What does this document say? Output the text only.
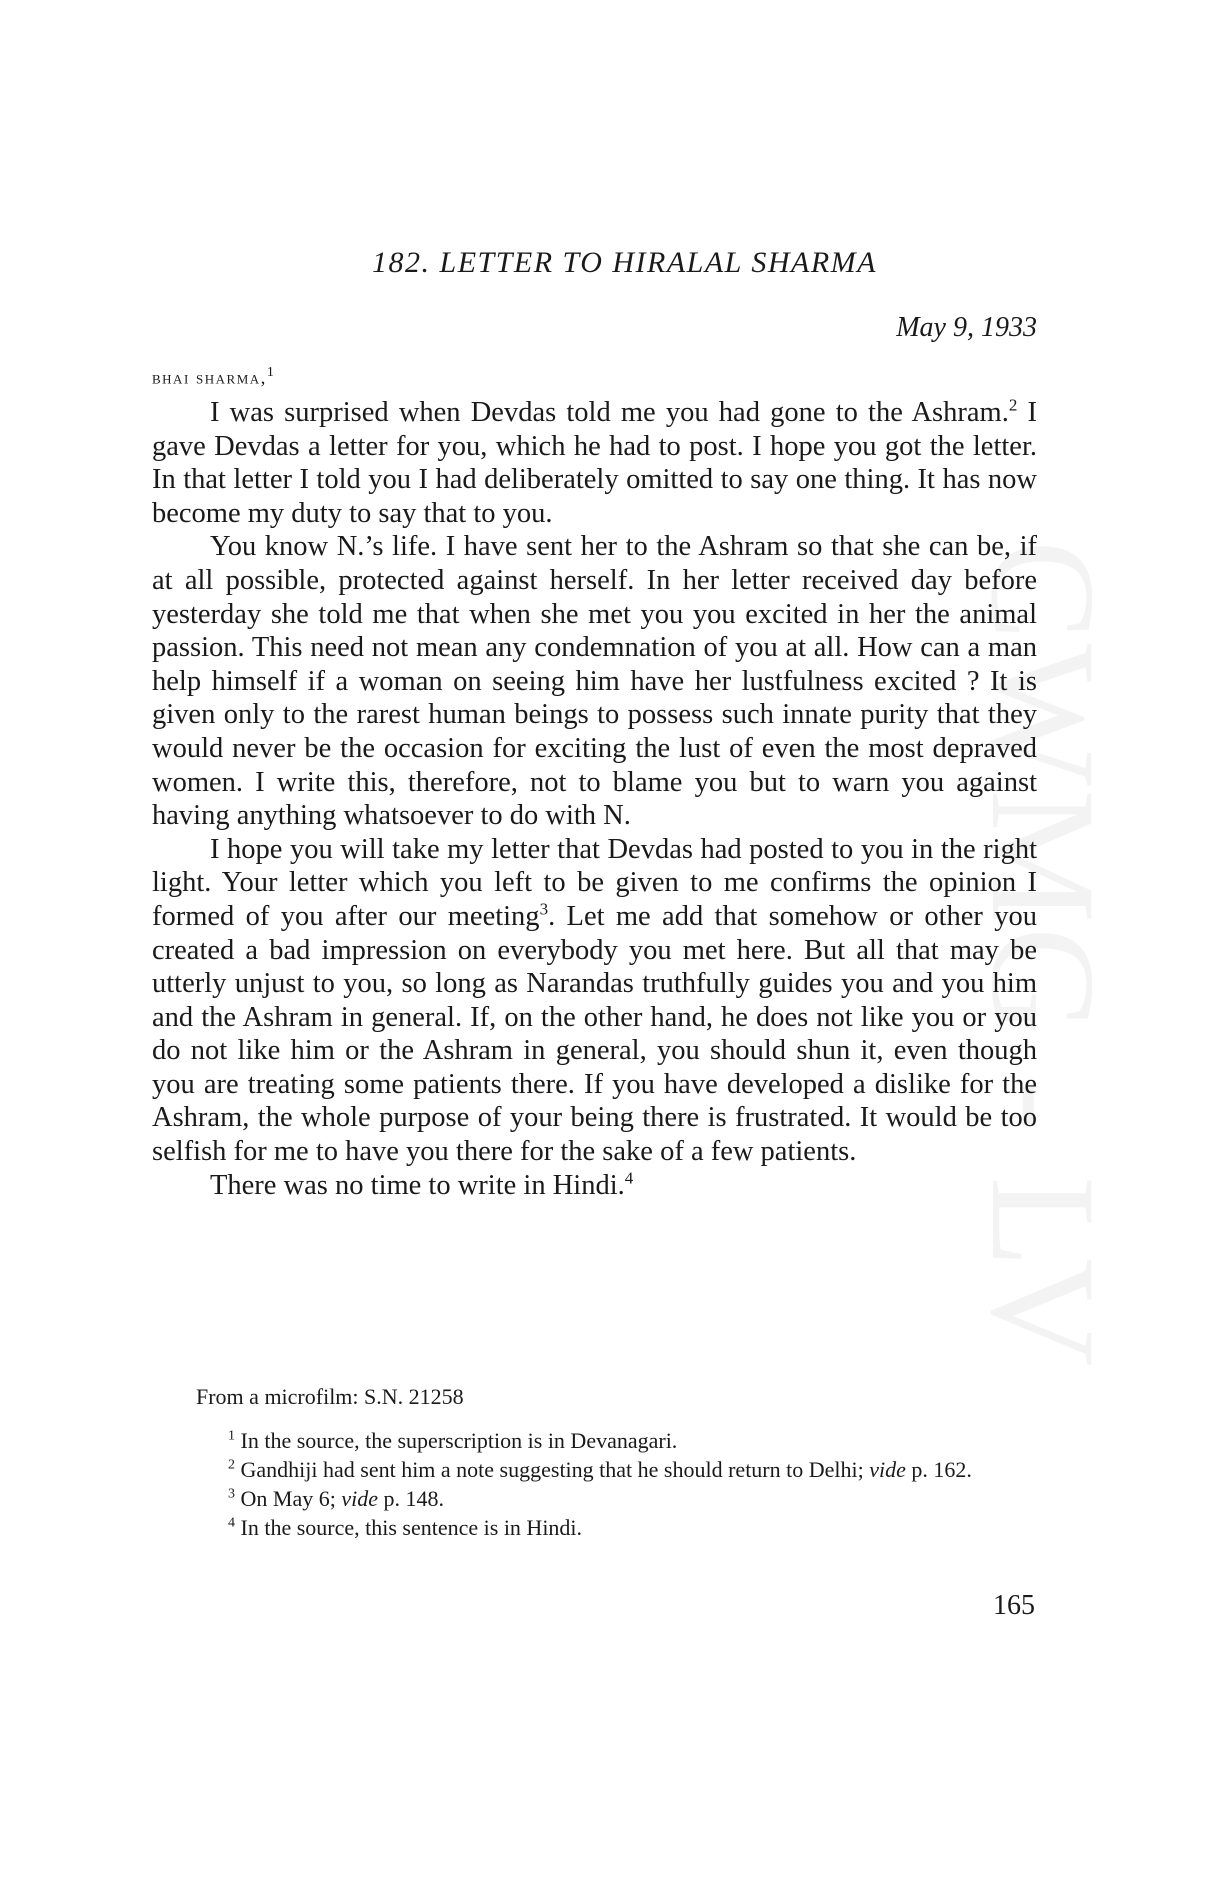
182. LETTER TO HIRALAL SHARMA
May 9, 1933
bhai sharma,$^1$

I was surprised when Devdas told me you had gone to the Ashram.$^2$ I gave Devdas a letter for you, which he had to post. I hope you got the letter. In that letter I told you I had deliberately omitted to say one thing. It has now become my duty to say that to you.

You know N.’s life. I have sent her to the Ashram so that she can be, if at all possible, protected against herself. In her letter received day before yesterday she told me that when she met you you excited in her the animal passion. This need not mean any condemnation of you at all. How can a man help himself if a woman on seeing him have her lustfulness excited ? It is given only to the rarest human beings to possess such innate purity that they would never be the occasion for exciting the lust of even the most depraved women. I write this, therefore, not to blame you but to warn you against having anything whatsoever to do with N.

I hope you will take my letter that Devdas had posted to you in the right light. Your letter which you left to be given to me confirms the opinion I formed of you after our meeting$^3$. Let me add that somehow or other you created a bad impression on everybody you met here. But all that may be utterly unjust to you, so long as Narandas truthfully guides you and you him and the Ashram in general. If, on the other hand, he does not like you or you do not like him or the Ashram in general, you should shun it, even though you are treating some patients there. If you have developed a dislike for the Ashram, the whole purpose of your being there is frustrated. It would be too selfish for me to have you there for the sake of a few patients.

There was no time to write in Hindi.$^4$

From a microfilm: S.N. 21258

$^1$ In the source, the superscription is in Devanagari.

$^2$ Gandhiji had sent him a note suggesting that he should return to Delhi; vide p. 162.

$^3$ On May 6; vide p. 148.

$^4$ In the source, this sentence is in Hindi.

165
